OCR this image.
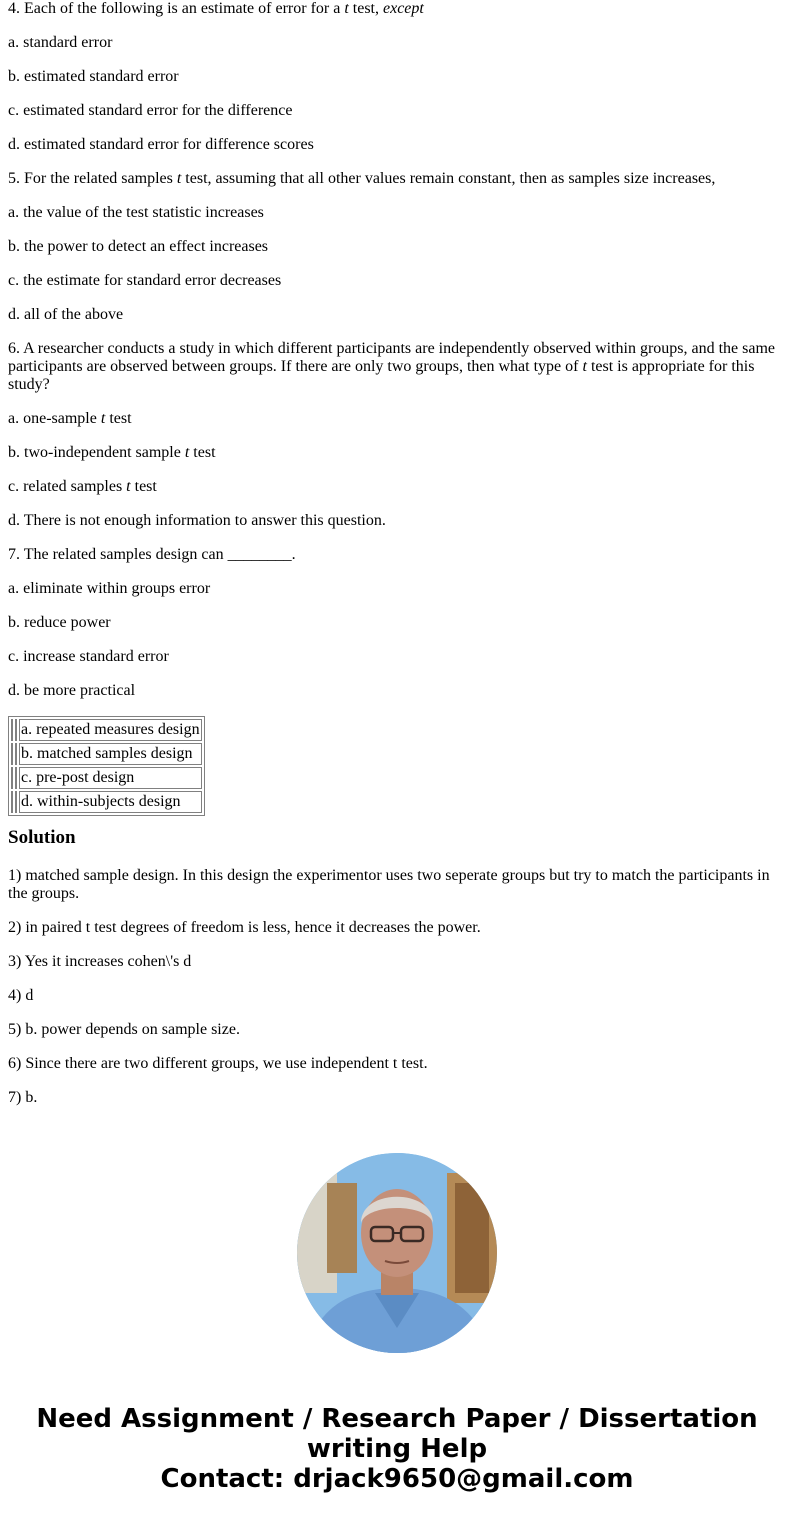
4. Each of the following is an estimate of error for a t test, except

a. standard error

b. estimated standard error

c. estimated standard error for the difference

d. estimated standard error for difference scores

5. For the related samples t test, assuming that all other values remain constant, then as samples size increases,

a. the value of the test statistic increases

b. the power to detect an effect increases

c. the estimate for standard error decreases

d. all of the above

6. A researcher conducts a study in which different participants are independently observed within groups, and the same participants are observed between groups. If there are only two groups, then what type of t test is appropriate for this study?

a. one-sample t test

b. two-independent sample t test

c. related samples t test

d. There is not enough information to answer this question.

7. The related samples design can ________.

a. eliminate within groups error

b. reduce power

c. increase standard error

d. be more practical

		a. repeated measures design
		b. matched samples design
		c. pre-post design
		d. within-subjects design
Solution

1) matched sample design. In this design the experimentor uses two seperate groups but try to match the participants in the groups.

2) in paired t test degrees of freedom is less, hence it decreases the power.

3) Yes it increases cohen\'s d

4) d

5) b. power depends on sample size.

6) Since there are two different groups, we use independent t test.

7) b.

Need Assignment / Research Paper / Dissertation
writing Help
Contact: drjack9650@gmail.com
